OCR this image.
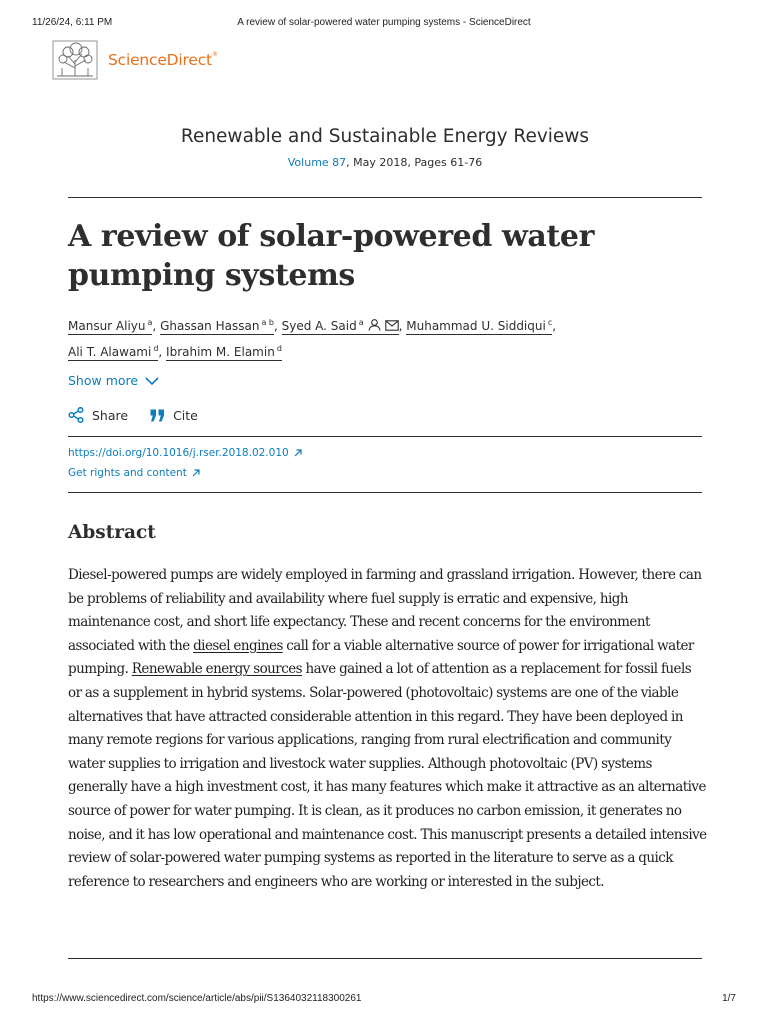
11/26/24, 6:11 PM	A review of solar-powered water pumping systems - ScienceDirect
ScienceDirect®
Renewable and Sustainable Energy Reviews
Volume 87, May 2018, Pages 61-76
A review of solar-powered water pumping systems
Mansur Aliyu $^a$, Ghassan Hassan $^{a b}$, Syed A. Said $^a$	, Muhammad U. Siddiqui $^c$,
Ali T. Alawami $^d$, Ibrahim M. Elamin $^d$
Show more
Share	Cite
https://doi.org/10.1016/j.rser.2018.02.010
Get rights and content
Abstract

Diesel-powered pumps are widely employed in farming and grassland irrigation. However, there can be problems of reliability and availability where fuel supply is erratic and expensive, high maintenance cost, and short life expectancy. These and recent concerns for the environment associated with the diesel engines call for a viable alternative source of power for irrigational water pumping. Renewable energy sources have gained a lot of attention as a replacement for fossil fuels or as a supplement in hybrid systems. Solar-powered (photovoltaic) systems are one of the viable alternatives that have attracted considerable attention in this regard. They have been deployed in many remote regions for various applications, ranging from rural electrification and community water supplies to irrigation and livestock water supplies. Although photovoltaic (PV) systems generally have a high investment cost, it has many features which make it attractive as an alternative source of power for water pumping. It is clean, as it produces no carbon emission, it generates no noise, and it has low operational and maintenance cost. This manuscript presents a detailed intensive review of solar-powered water pumping systems as reported in the literature to serve as a quick reference to researchers and engineers who are working or interested in the subject.

https://www.sciencedirect.com/science/article/abs/pii/S1364032118300261	1/7
